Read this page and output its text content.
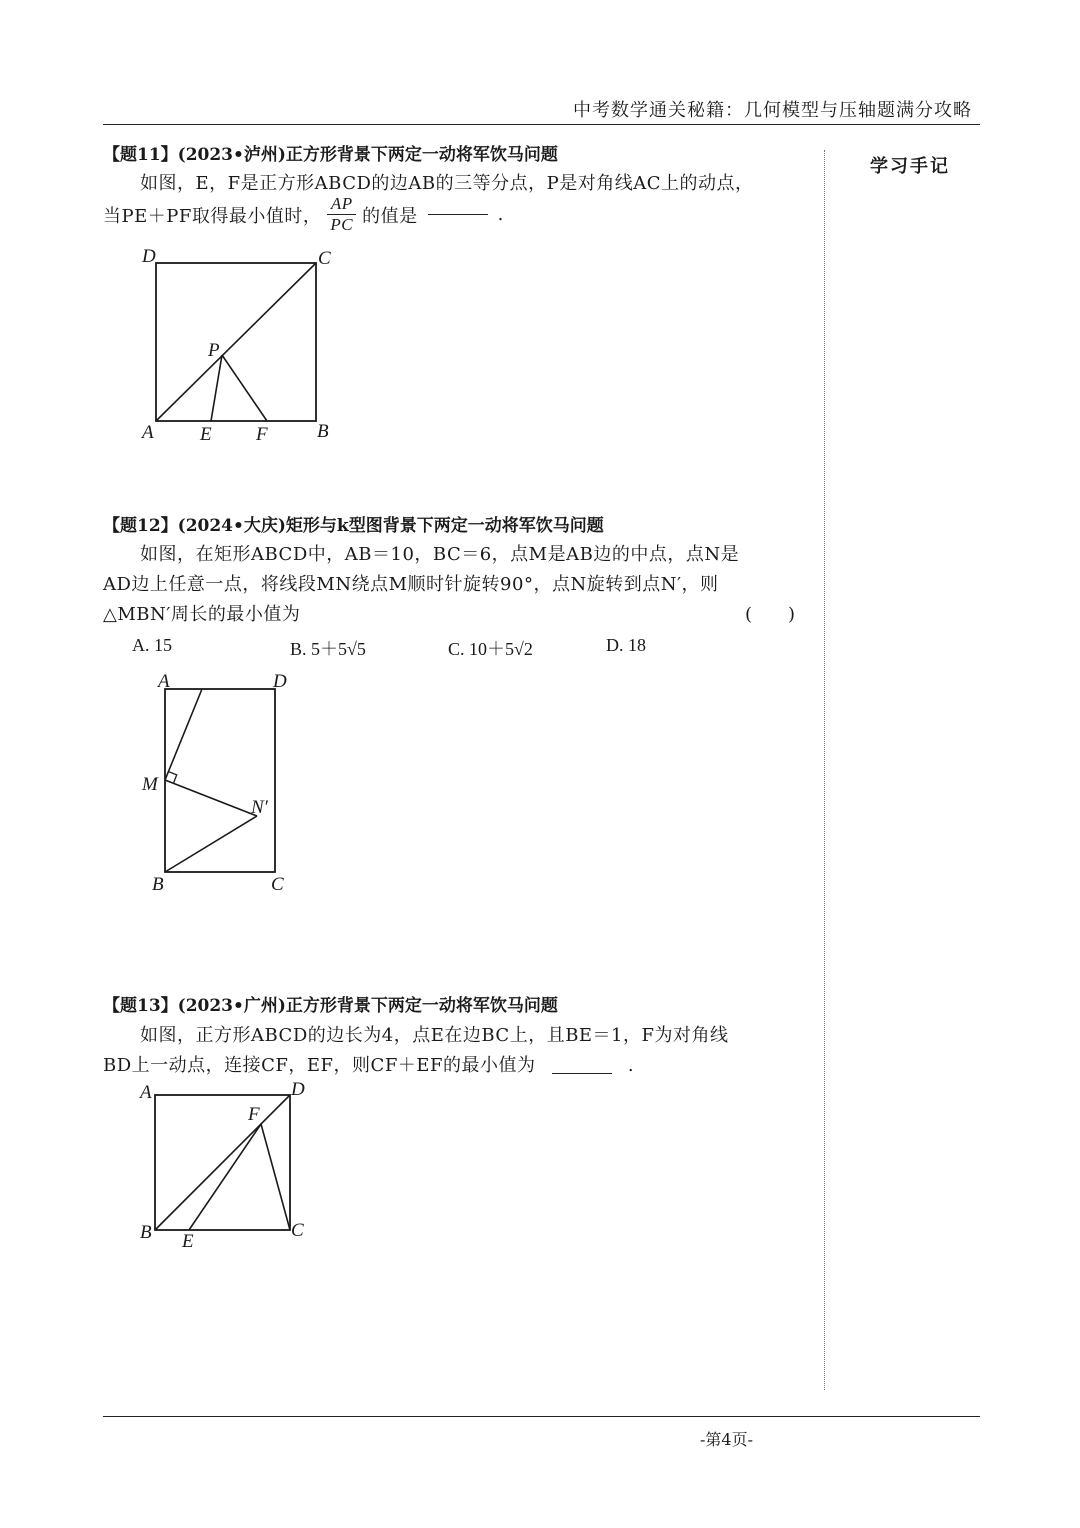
中考数学通关秘籍：几何模型与压轴题满分攻略
学习手记
【题11】(2023•泸州)正方形背景下两定一动将军饮马问题
如图，E，F是正方形ABCD的边AB的三等分点，P是对角线AC上的动点，
当PE＋PF取得最小值时， $\frac{AP}{PC}$ 的值是	.
D	C
P
A E F	B
【题12】(2024•大庆)矩形与k型图背景下两定一动将军饮马问题
如图，在矩形ABCD中，AB＝10，BC＝6，点M是AB边的中点，点N是
AD边上任意一点，将线段MN绕点M顺时针旋转90°，点N旋转到点N′，则
△MBN′周长的最小值为	(　　)
A. 15	B. 5＋5√5	C. 10＋5√2	D. 18
A	D
M
N′
B	C
【题13】(2023•广州)正方形背景下两定一动将军饮马问题
如图，正方形ABCD的边长为4，点E在边BC上，且BE＝1，F为对角线
BD上一动点，连接CF，EF，则CF＋EF的最小值为	.
A	D
F
B E
C
-第4页-
